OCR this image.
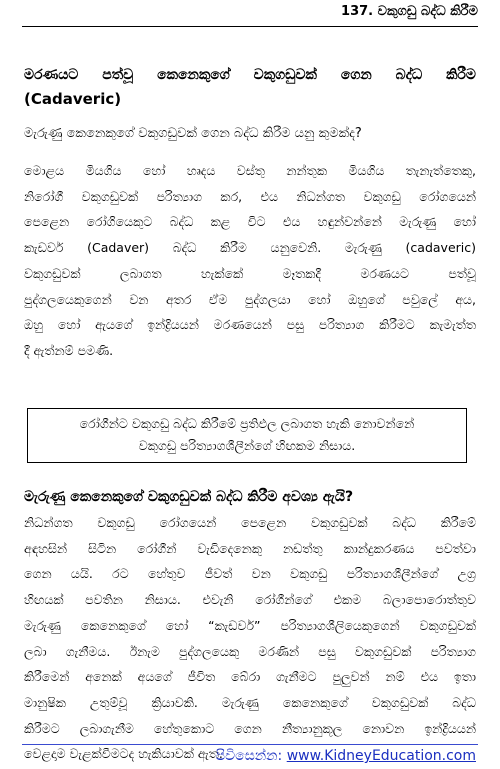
137. වකුගඩු බද්ධ කිරීම
මරණයට පත්වූ කෙනෙකුගේ වකුගඩුවක් ගෙන බද්ධ කිරීම
(Cadaveric)
මැරුණු කෙනෙකුගේ වකුගඩුවක් ගෙන බද්ධ කිරීම යනු කුමක්ද?
මොළය මියගිය හෝ හෘදය වස්තු නන්තුක මියගිය තැනැත්තෙකු,
නිරෝගී වකුගඩුවක් පරිත්‍යාග කර, එය නිධන්ගත වකුගඩු රෝගයෙන්
පෙළෙන රෝගියෙකුට බද්ධ කළ විට එය හඳුන්වන්නේ මැරුණු හෝ
කැඩවර් (Cadaver) බද්ධ කිරීම යනුවෙනි. මැරුණු (cadaveric)
වකුගඩුවක් ලබාගත හැක්කේ මෑතකදී මරණයට පත්වූ
පුද්ගලයෙකුගෙන් වන අතර ඒම පුද්ගලයා හෝ ඔහුගේ පවුලේ අය,
ඔහු හෝ ඇයගේ ඉන්ද්‍රියයන් මරණයෙන් පසු පරිත්‍යාග කිරීමට කැමැත්ත
දී ඇත්නම් පමණි.
රෝගීන්ට වකුගඩු බද්ධ කිරීමේ ප්‍රතිඵල ලබාගත හැකි නොවන්නේ
වකුගඩු පරිත්‍යාගශීලීන්ගේ හිඟකම නිසාය.
මැරුණු කෙනෙකුගේ වකුගඩුවක් බද්ධ කිරීම අවශ්‍ය ඇයි?
නිධන්ගත වකුගඩු රෝගයෙන් පෙළෙන වකුගඩුවක් බද්ධ කිරීමේ
අඳහසින් සිටින රෝගීන් වැඩිදෙනෙකු නඩත්තු කාන්දුකරණය පවත්වා
ගෙන යයි. රට හේතුව ජීවත් වන වකුගඩු පරිත්‍යාගශීලීන්ගේ උග්‍ර
හිඟයක් පවතින නිසාය. එවැනි රෝගීන්ගේ එකම බලාපොරොත්තුව
මැරුණු කෙනෙකුගේ හෝ “කැඩවර්” පරිත්‍යාගශීලියෙකුගෙන් වකුගඩුවක්
ලබා ගැනීමය. ඊනැම පුද්ගලයෙකු මරණින් පසු වකුගඩුවක් පරිත්‍යාග
කිරීමෙන් අනෙක් අයගේ ජීවිත බේරා ගැනීමට පුලුවන් නම් එය ඉතා
මානුෂික උතුම්වූ ක්‍රියාවකි. මැරුණු කෙනෙකුගේ වකුගඩුවක් බද්ධ
කිරීමට ලබාගැනීම හේතුකොට ගෙන නීත්‍යානුකූල නොවන ඉන්ද්‍රියයන්
වෙළදාම වැළක්වීමටද හැකියාවක් ඇත.
පිවිසෙන්න: www.KidneyEducation.com
